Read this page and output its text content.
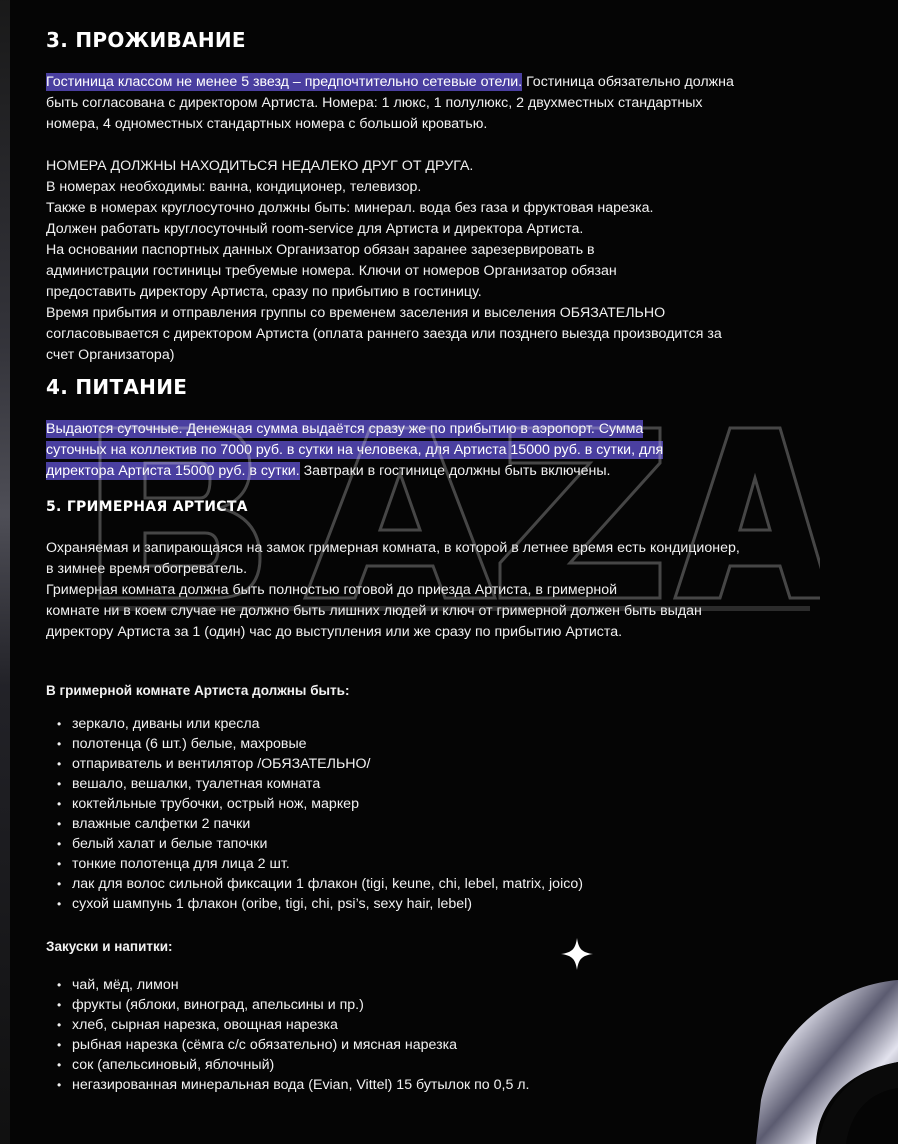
3. ПРОЖИВАНИЕ

Гостиница классом не менее 5 звезд – предпочтительно сетевые отели. Гостиница обязательно должна

быть согласована с директором Артиста. Номера: 1 люкс, 1 полулюкс, 2 двухместных стандартных

номера, 4 одноместных стандартных номера с большой кроватью.

НОМЕРА ДОЛЖНЫ НАХОДИТЬСЯ НЕДАЛЕКО ДРУГ ОТ ДРУГА.

В номерах необходимы: ванна, кондиционер, телевизор.

Также в номерах круглосуточно должны быть: минерал. вода без газа и фруктовая нарезка.

Должен работать круглосуточный room-service для Артиста и директора Артиста.

На основании паспортных данных Организатор обязан заранее зарезервировать в

администрации гостиницы требуемые номера. Ключи от номеров Организатор обязан

предоставить директору Артиста, сразу по прибытию в гостиницу.

Время прибытия и отправления группы со временем заселения и выселения ОБЯЗАТЕЛЬНО

согласовывается с директором Артиста (оплата раннего заезда или позднего выезда производится за

счет Организатора)

4. ПИТАНИЕ

Выдаются суточные. Денежная сумма выдаётся сразу же по прибытию в аэропорт. Сумма

суточных на коллектив по 7000 руб. в сутки на человека, для Артиста 15000 руб. в сутки, для

директора Артиста 15000 руб. в сутки. Завтраки в гостинице должны быть включены.

5. ГРИМЕРНАЯ АРТИСТА

Охраняемая и запирающаяся на замок гримерная комната, в которой в летнее время есть кондиционер,

в зимнее время обогреватель.

Гримерная комната должна быть полностью готовой до приезда Артиста, в гримерной

комнате ни в коем случае не должно быть лишних людей и ключ от гримерной должен быть выдан

директору Артиста за 1 (один) час до выступления или же сразу по прибытию Артиста.

В гримерной комнате Артиста должны быть:

• зеркало, диваны или кресла
• полотенца (6 шт.) белые, махровые
• отпариватель и вентилятор /ОБЯЗАТЕЛЬНО/
• вешало, вешалки, туалетная комната
• коктейльные трубочки, острый нож, маркер
• влажные салфетки 2 пачки
• белый халат и белые тапочки
• тонкие полотенца для лица 2 шт.
• лак для волос сильной фиксации 1 флакон (tigi, keune, chi, lebel, matrix, joico)
• сухой шампунь 1 флакон (oribe, tigi, chi, psi’s, sexy hair, lebel)

Закуски и напитки:

• чай, мёд, лимон
• фрукты (яблоки, виноград, апельсины и пр.)
• хлеб, сырная нарезка, овощная нарезка
• рыбная нарезка (сёмга с/с обязательно) и мясная нарезка
• сок (апельсиновый, яблочный)
• негазированная минеральная вода (Evian, Vittel) 15 бутылок по 0,5 л.
